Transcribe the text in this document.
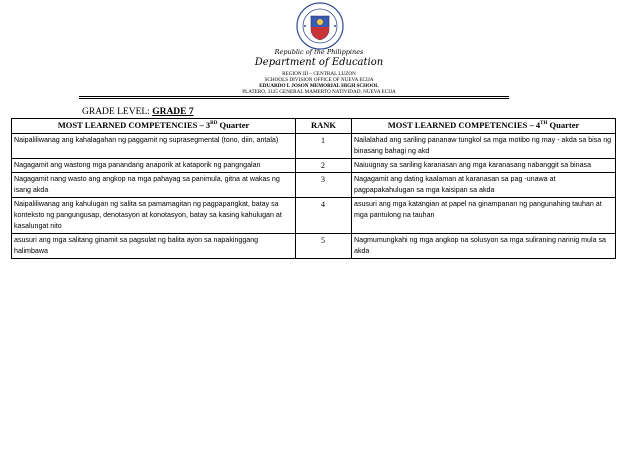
Republic of the Philippines
Department of Education
REGION III – CENTRAL LUZON
SCHOOLS DIVISION OFFICE OF NUEVA ECIJA
EDUARDO L JOSON MEMORIAL HIGH SCHOOL
PLATERO, 3125 GENERAL MAMERTO NATIVIDAD, NUEVA ECIJA
GRADE LEVEL: GRADE 7
MOST LEARNED COMPETENCIES – 3RD Quarter	RANK	MOST LEARNED COMPETENCIES – 4TH Quarter
Naipaliliwanag ang kahalagahan ng paggamit ng suprasegmental (tono, diin, antala)	1	Nailalahad ang sariling pananaw tungkol sa mga motibo ng may - akda sa bisa ng binasang bahagi ng akd
Nagagamit ang wastong mga panandang anaporik at kataporik ng pangngalan	2	Naiuugnay sa sariling karanasan ang mga karanasang nabanggit sa binasa
Nagagamit nang wasto ang angkop na mga pahayag sa panimula, gitna at wakas ng isang akda	3	Nagagamit ang dating kaalaman at karanasan sa pag -unawa at pagpapakahulugan sa mga kaisipan sa akda
Naipaliliwanag ang kahulugan ng salita sa pamamagitan ng pagpapangkat, batay sa konteksto ng pangungusap, denotasyon at konotasyon, batay sa kasing kahulugan at kasalungat nito	4	asusuri ang mga katangian at papel na ginampanan ng pangunahing tauhan at mga pantulong na tauhan
asusuri ang mga salitang ginamit sa pagsulat ng balita ayon sa napakinggang halimbawa	5	Nagmumungkahi ng mga angkop na solusyon sa mga suliraning narinig mula sa akda
